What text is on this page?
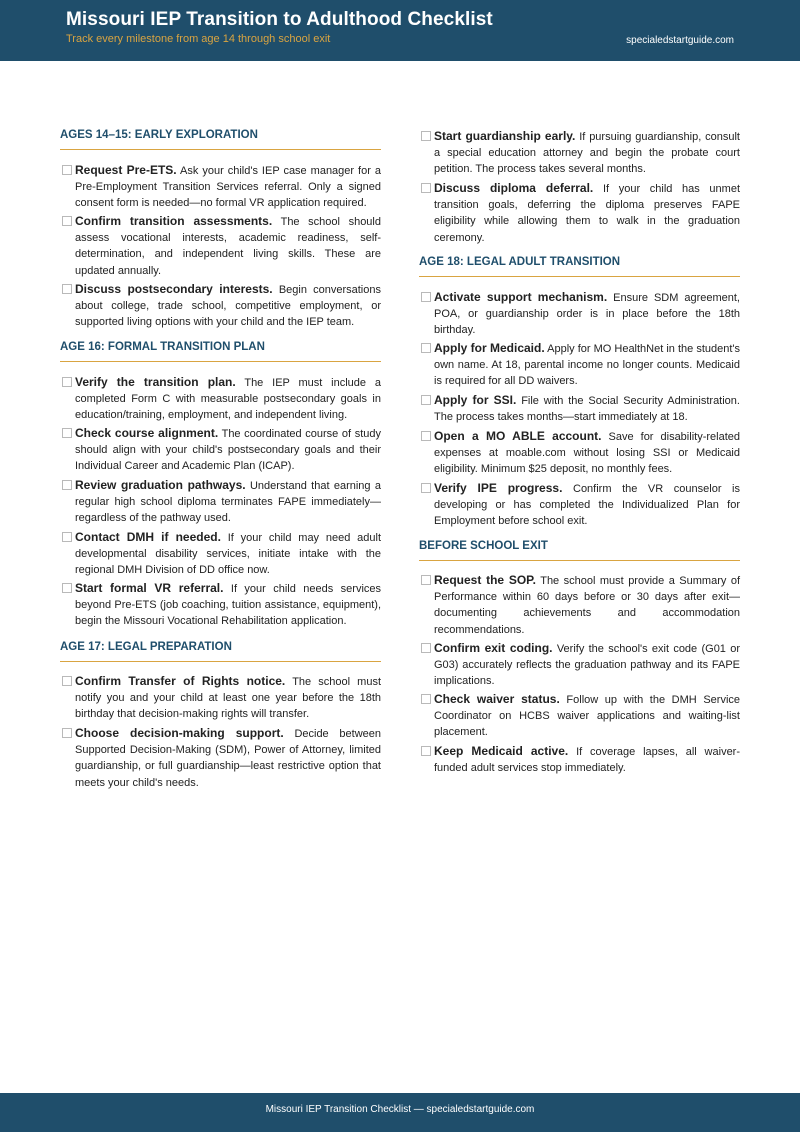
Missouri IEP Transition to Adulthood Checklist
Track every milestone from age 14 through school exit	specialedstartguide.com
AGES 14–15: EARLY EXPLORATION
Request Pre-ETS. Ask your child's IEP case manager for a Pre-Employment Transition Services referral. Only a signed consent form is needed—no formal VR application required.
Confirm transition assessments. The school should assess vocational interests, academic readiness, self-determination, and independent living skills. These are updated annually.
Discuss postsecondary interests. Begin conversations about college, trade school, competitive employment, or supported living options with your child and the IEP team.
AGE 16: FORMAL TRANSITION PLAN
Verify the transition plan. The IEP must include a completed Form C with measurable postsecondary goals in education/training, employment, and independent living.
Check course alignment. The coordinated course of study should align with your child's postsecondary goals and their Individual Career and Academic Plan (ICAP).
Review graduation pathways. Understand that earning a regular high school diploma terminates FAPE immediately—regardless of the pathway used.
Contact DMH if needed. If your child may need adult developmental disability services, initiate intake with the regional DMH Division of DD office now.
Start formal VR referral. If your child needs services beyond Pre-ETS (job coaching, tuition assistance, equipment), begin the Missouri Vocational Rehabilitation application.
AGE 17: LEGAL PREPARATION
Confirm Transfer of Rights notice. The school must notify you and your child at least one year before the 18th birthday that decision-making rights will transfer.
Choose decision-making support. Decide between Supported Decision-Making (SDM), Power of Attorney, limited guardianship, or full guardianship—least restrictive option that meets your child's needs.
Start guardianship early. If pursuing guardianship, consult a special education attorney and begin the probate court petition. The process takes several months.
Discuss diploma deferral. If your child has unmet transition goals, deferring the diploma preserves FAPE eligibility while allowing them to walk in the graduation ceremony.
AGE 18: LEGAL ADULT TRANSITION
Activate support mechanism. Ensure SDM agreement, POA, or guardianship order is in place before the 18th birthday.
Apply for Medicaid. Apply for MO HealthNet in the student's own name. At 18, parental income no longer counts. Medicaid is required for all DD waivers.
Apply for SSI. File with the Social Security Administration. The process takes months—start immediately at 18.
Open a MO ABLE account. Save for disability-related expenses at moable.com without losing SSI or Medicaid eligibility. Minimum $25 deposit, no monthly fees.
Verify IPE progress. Confirm the VR counselor is developing or has completed the Individualized Plan for Employment before school exit.
BEFORE SCHOOL EXIT
Request the SOP. The school must provide a Summary of Performance within 60 days before or 30 days after exit—documenting achievements and accommodation recommendations.
Confirm exit coding. Verify the school's exit code (G01 or G03) accurately reflects the graduation pathway and its FAPE implications.
Check waiver status. Follow up with the DMH Service Coordinator on HCBS waiver applications and waiting-list placement.
Keep Medicaid active. If coverage lapses, all waiver-funded adult services stop immediately.
Missouri IEP Transition Checklist — specialedstartguide.com
